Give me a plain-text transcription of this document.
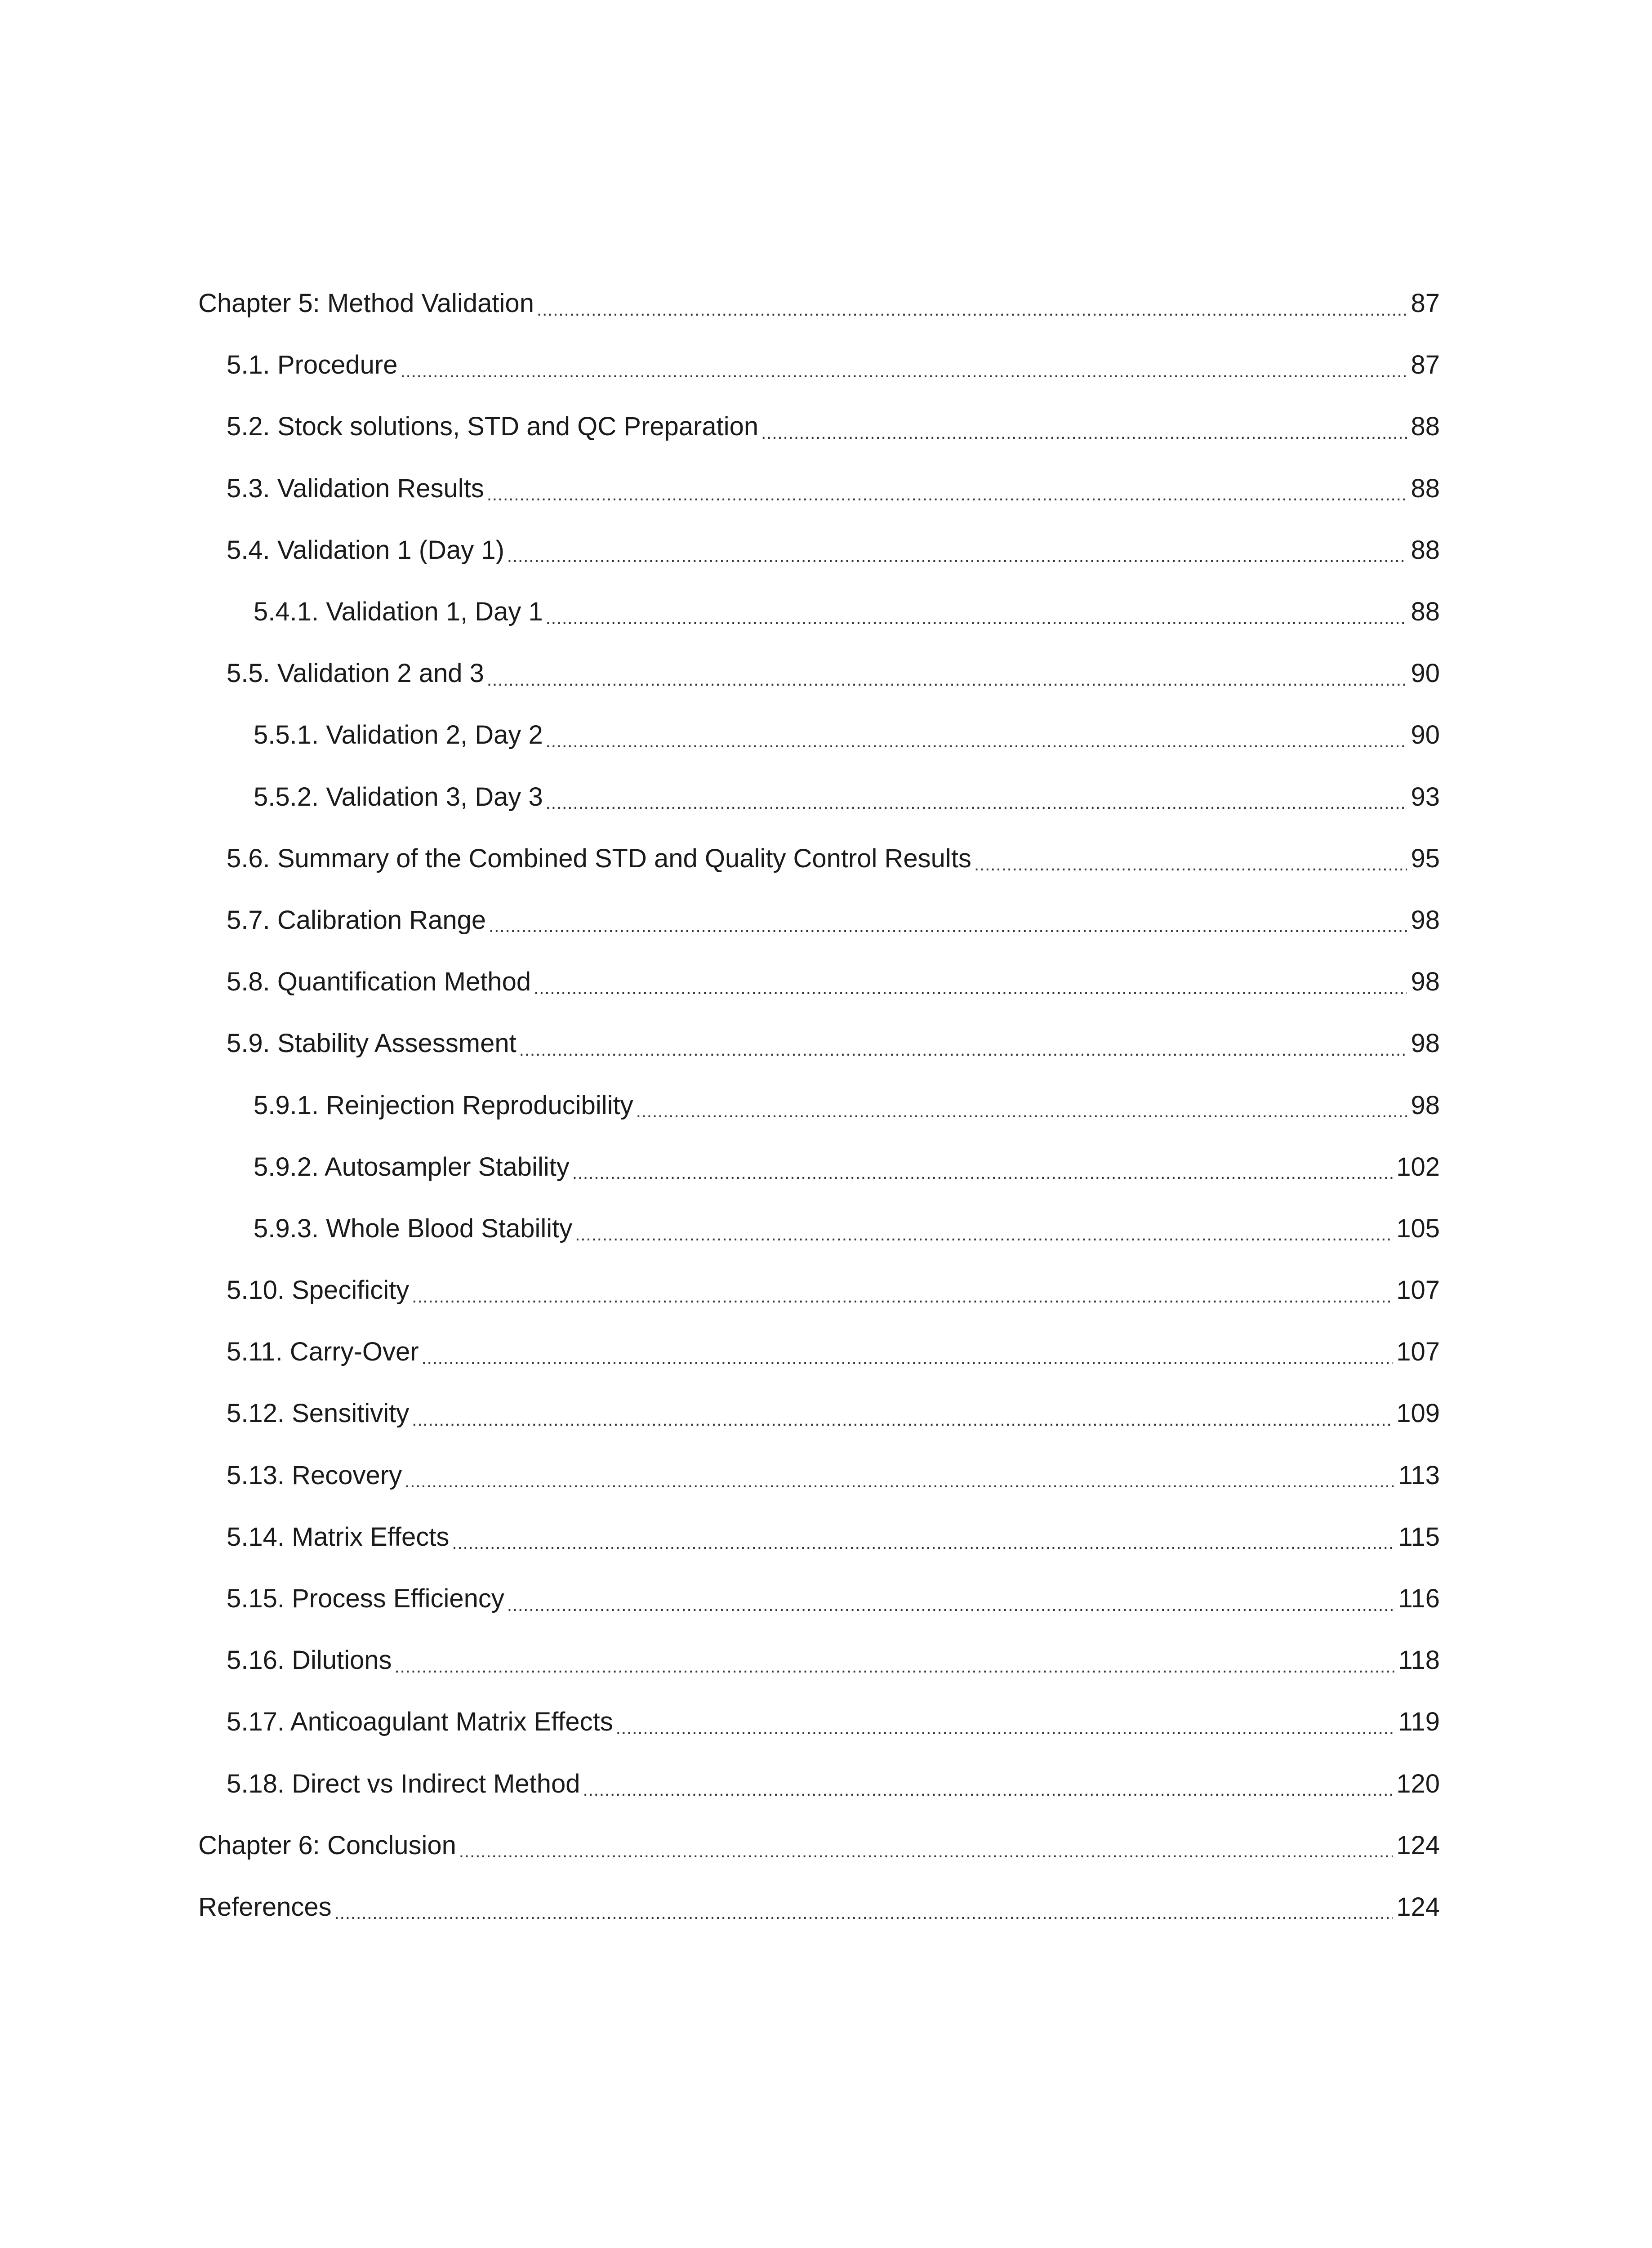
Chapter 5: Method Validation .....	87
5.1. Procedure .....	87
5.2. Stock solutions, STD and QC Preparation .....	88
5.3. Validation Results .....	88
5.4. Validation 1 (Day 1) .....	88
5.4.1. Validation 1, Day 1 .....	88
5.5. Validation 2 and 3 .....	90
5.5.1. Validation 2, Day 2 .....	90
5.5.2. Validation 3, Day 3 .....	93
5.6. Summary of the Combined STD and Quality Control Results .....	95
5.7. Calibration Range .....	98
5.8. Quantification Method .....	98
5.9. Stability Assessment .....	98
5.9.1. Reinjection Reproducibility .....	98
5.9.2. Autosampler Stability .....	102
5.9.3. Whole Blood Stability .....	105
5.10. Specificity .....	107
5.11. Carry-Over .....	107
5.12. Sensitivity .....	109
5.13. Recovery .....	113
5.14. Matrix Effects .....	115
5.15. Process Efficiency .....	116
5.16. Dilutions .....	118
5.17. Anticoagulant Matrix Effects .....	119
5.18. Direct vs Indirect Method .....	120
Chapter 6: Conclusion .....	124
References .....	124
